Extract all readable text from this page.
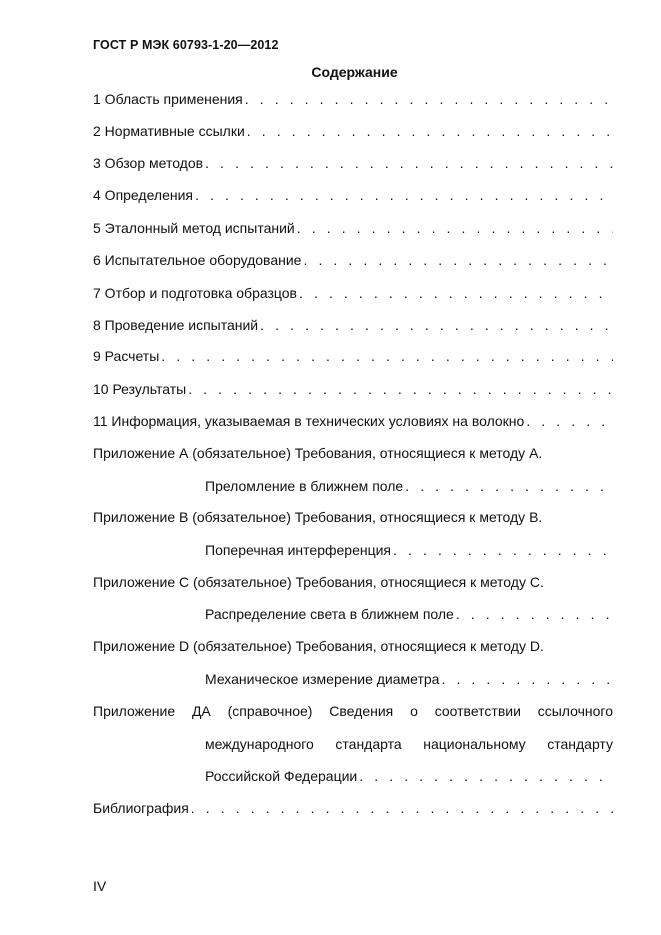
ГОСТ Р МЭК 60793-1-20—2012
Содержание
1 Область применения
. . .
2 Нормативные ссылки
. . .
3 Обзор методов
. . .
4 Определения
. . .
5 Эталонный метод испытаний
. . .
6 Испытательное оборудование
. . .
7 Отбор и подготовка образцов
. . .
8 Проведение испытаний
. . .
9 Расчеты
. . .
10 Результаты
. . .
11 Информация, указываемая в технических условиях на волокно
. . .
Приложение А (обязательное) Требования, относящиеся к методу А.
Преломление в ближнем поле
. . .
Приложение В (обязательное) Требования, относящиеся к методу В.
Поперечная интерференция
. . .
Приложение С (обязательное) Требования, относящиеся к методу С.
Распределение света в ближнем поле
. . .
Приложение D (обязательное) Требования, относящиеся к методу D.
Механическое измерение диаметра
. . .
Приложение ДА (справочное) Сведения о соответствии ссылочного
международного стандарта национальному стандарту
Российской Федерации
. . .
Библиография
. . .
IV
